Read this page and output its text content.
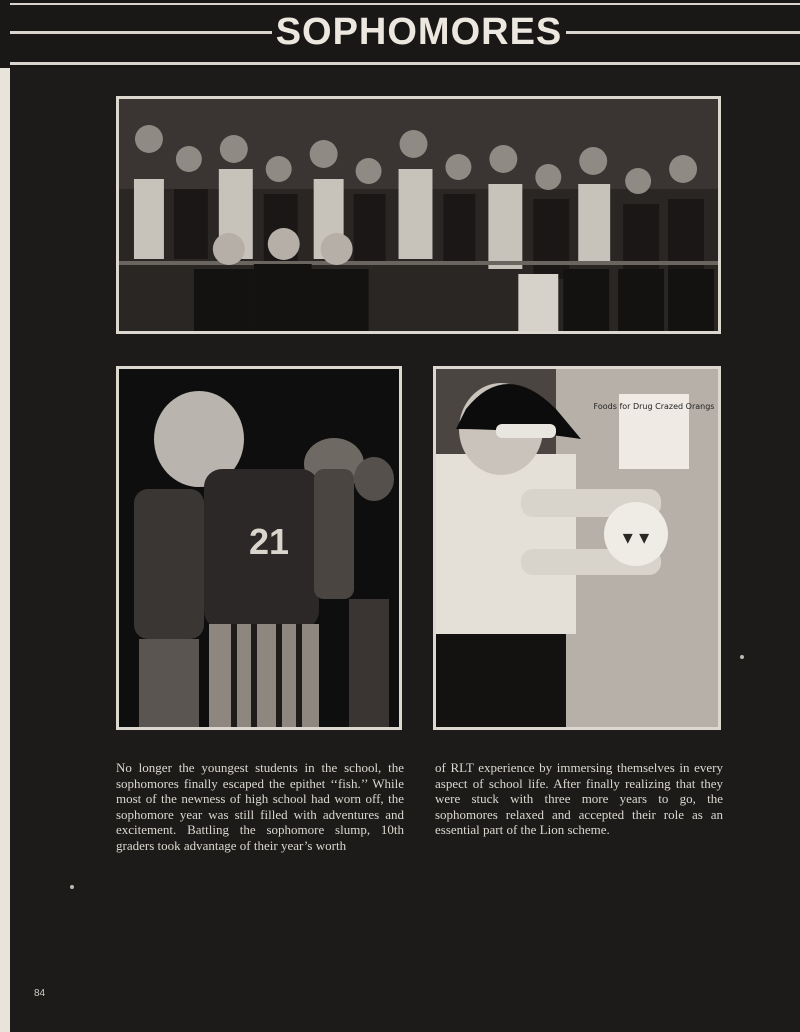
SOPHOMORES
21	▾ ▾
Foods for Drug Crazed Orangs
No longer the youngest students in the school, the sophomores finally escaped the epithet ‘‘fish.’’ While most of the newness of high school had worn off, the sophomore year was still filled with adventures and excitement. Battling the sophomore slump, 10th graders took advantage of their year’s worth
of RLT experience by immersing themselves in every aspect of school life. After finally realizing that they were stuck with three more years to go, the sophomores relaxed and accepted their role as an essential part of the Lion scheme.
84
